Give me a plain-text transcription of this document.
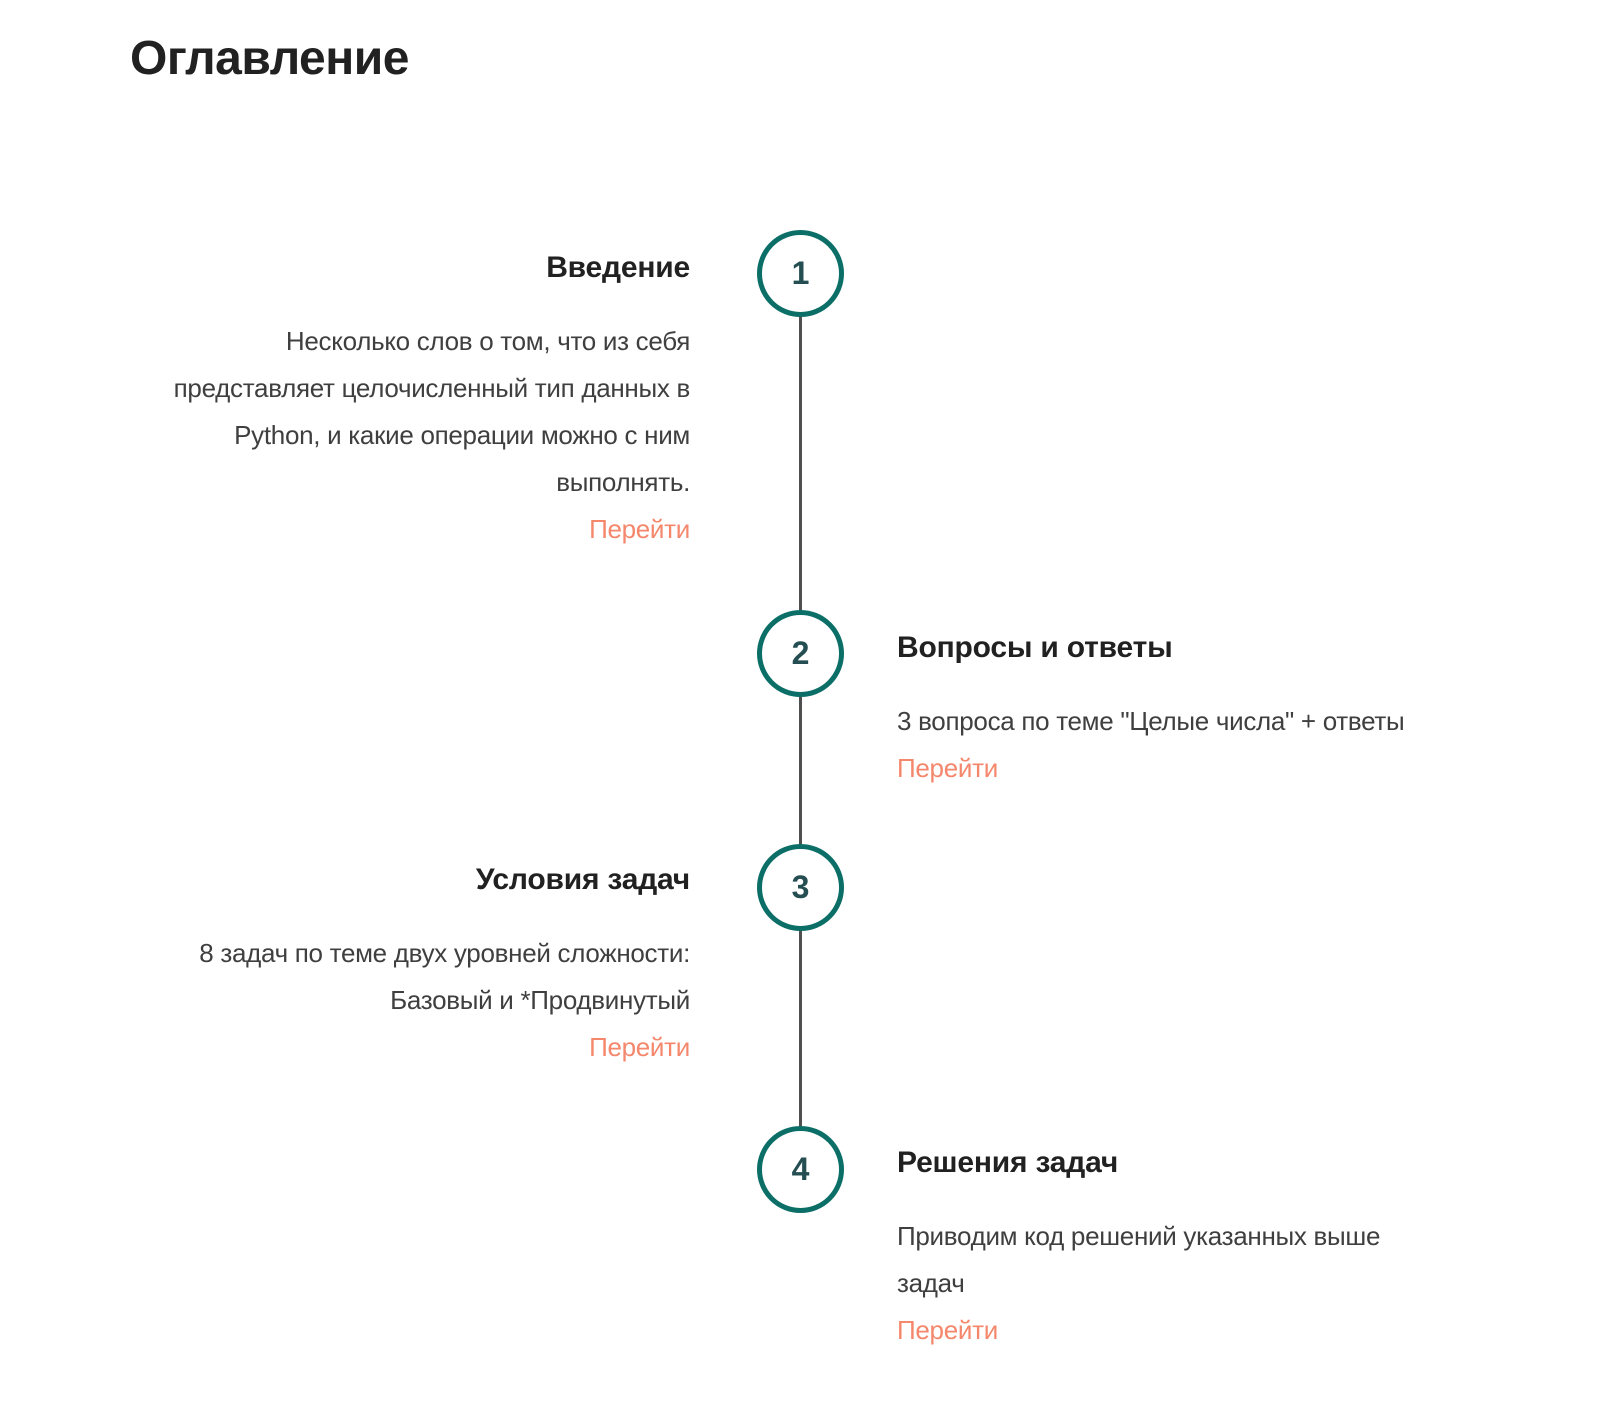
Оглавление
1
2
3
4
Введение

Несколько слов о том, что из себя представляет целочисленный тип данных в Python, и какие операции можно с ним выполнять.

Перейти
Вопросы и ответы

3 вопроса по теме "Целые числа" + ответы

Перейти
Условия задач

8 задач по теме двух уровней сложности: Базовый и *Продвинутый

Перейти
Решения задач

Приводим код решений указанных выше задач

Перейти
